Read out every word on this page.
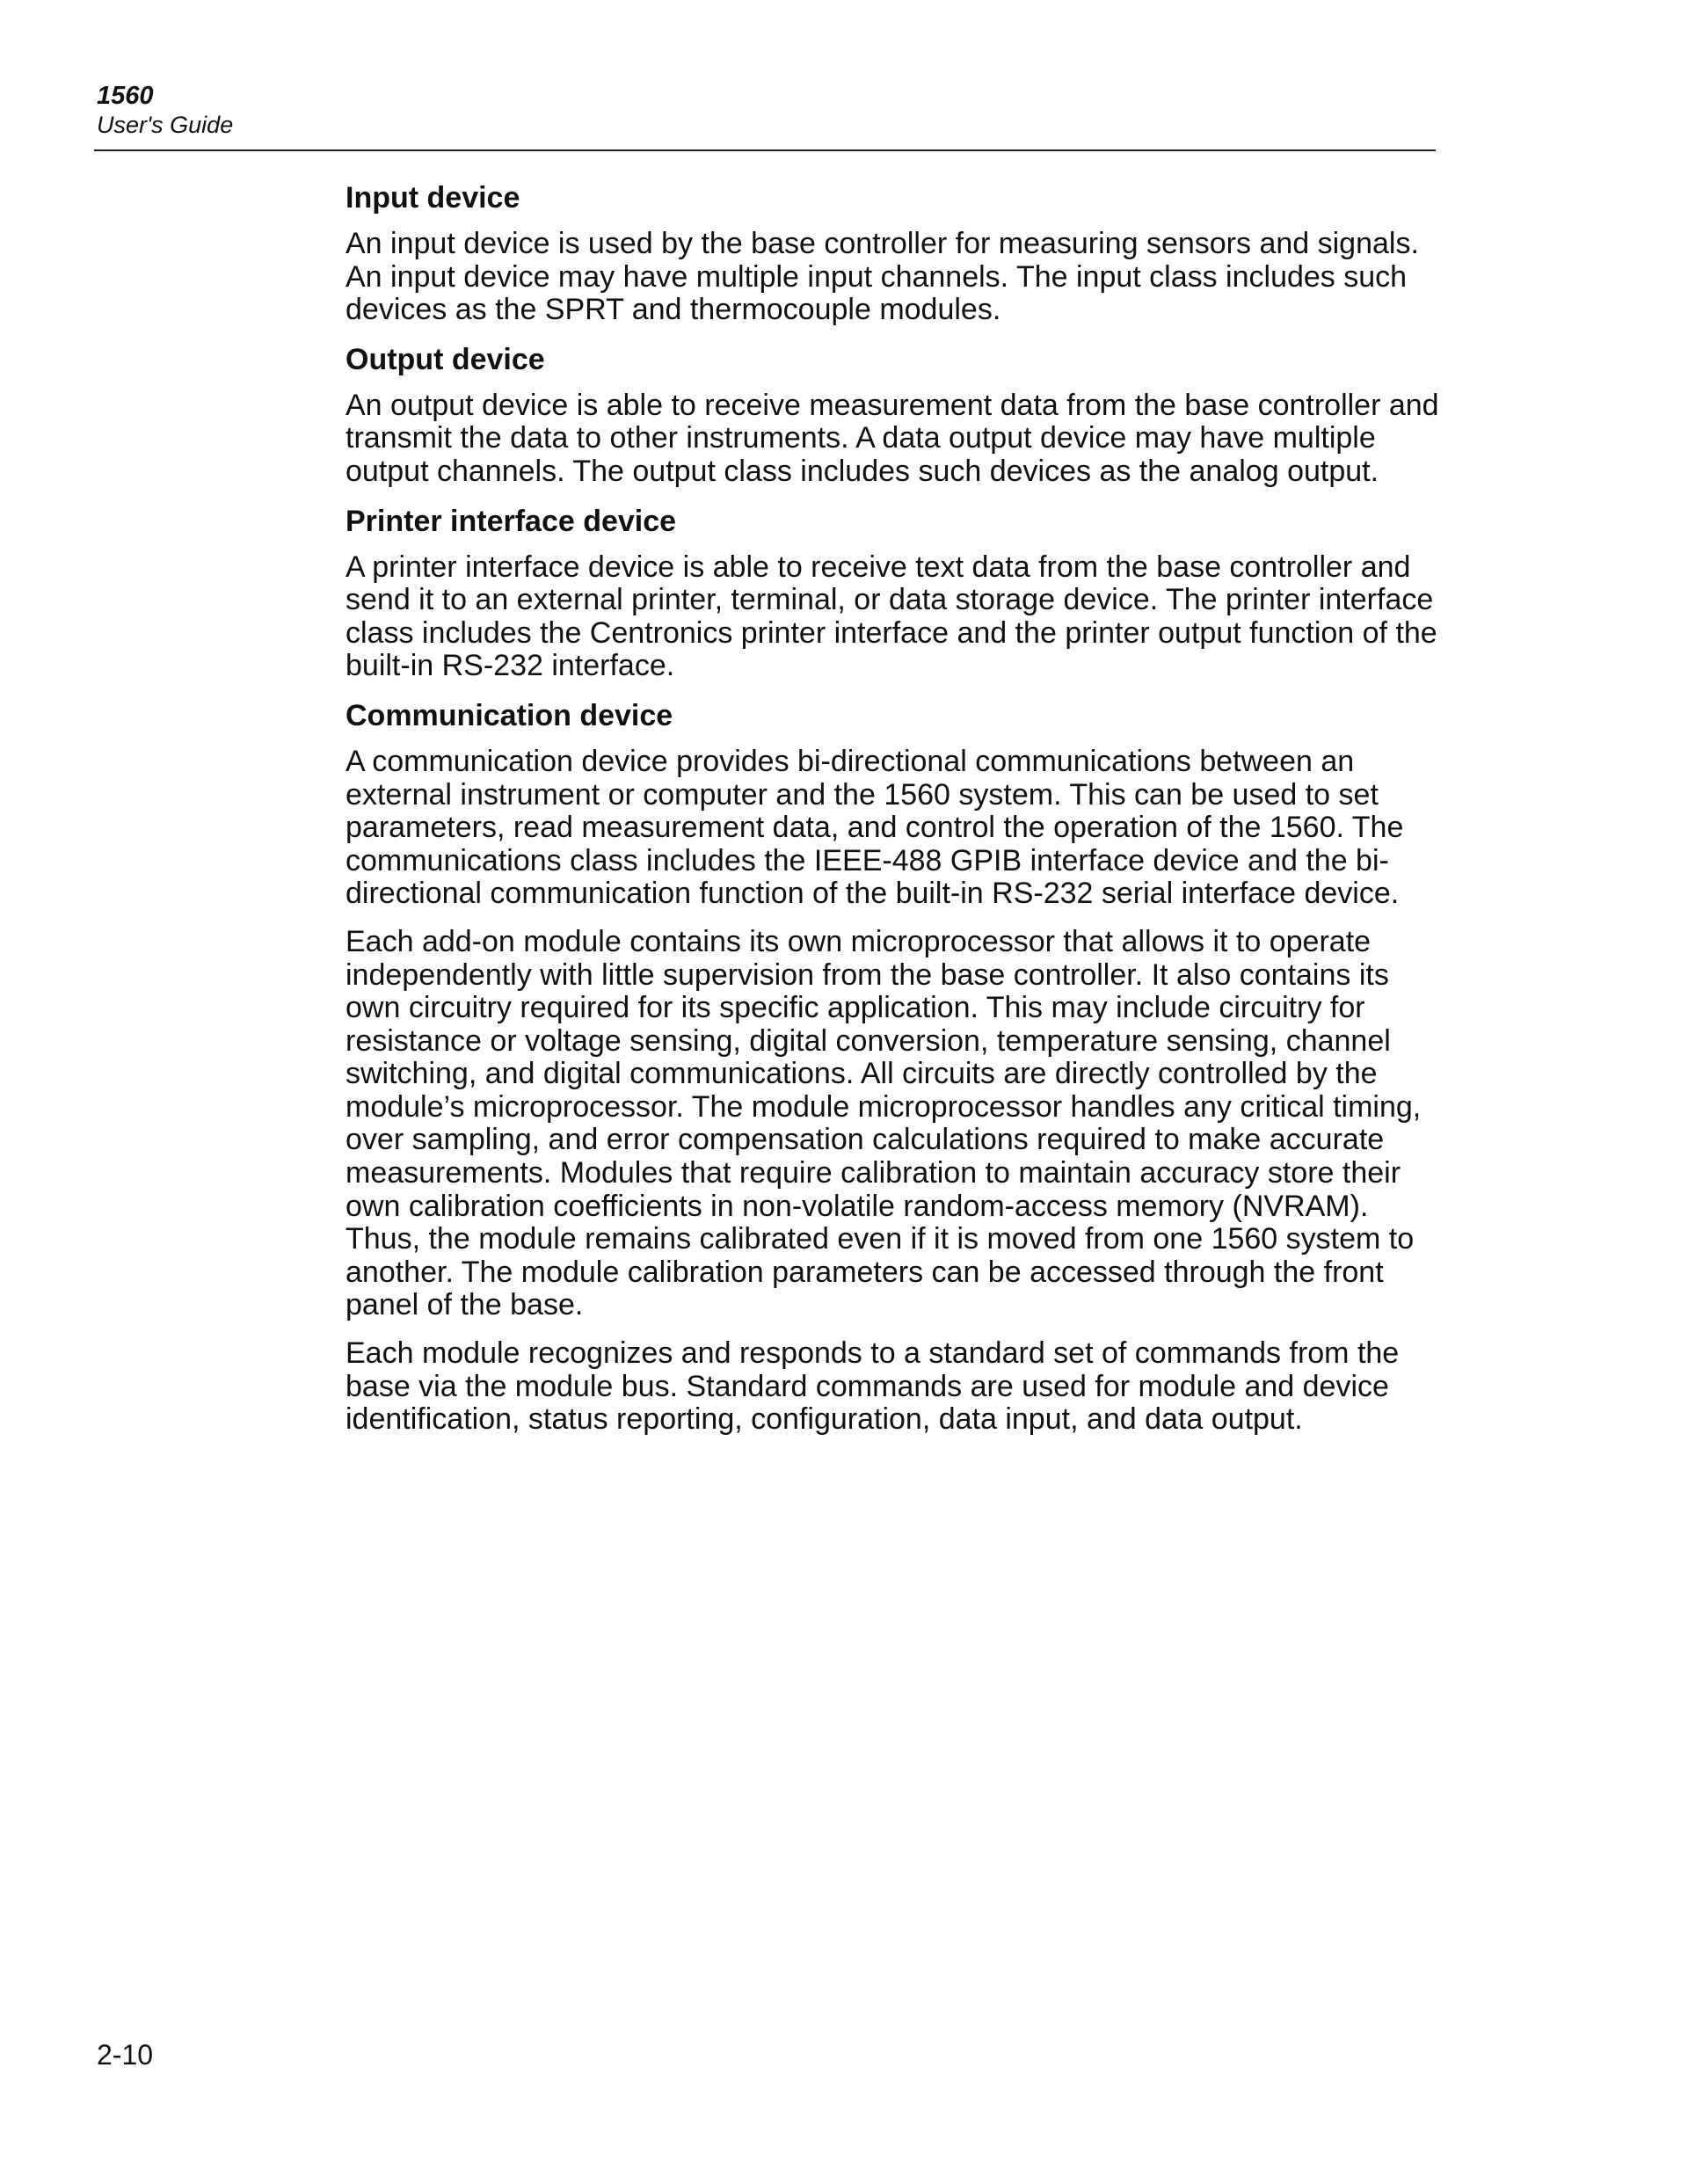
1560

User's Guide

Input device

An input device is used by the base controller for measuring sensors and signals. An input device may have multiple input channels. The input class includes such devices as the SPRT and thermocouple modules.

Output device

An output device is able to receive measurement data from the base controller and transmit the data to other instruments. A data output device may have multiple output channels. The output class includes such devices as the analog output.

Printer interface device

A printer interface device is able to receive text data from the base controller and send it to an external printer, terminal, or data storage device. The printer interface class includes the Centronics printer interface and the printer output function of the built-in RS-232 interface.

Communication device

A communication device provides bi-directional communications between an external instrument or computer and the 1560 system. This can be used to set parameters, read measurement data, and control the operation of the 1560. The communications class includes the IEEE-488 GPIB interface device and the bi-directional communication function of the built-in RS-232 serial interface device.

Each add-on module contains its own microprocessor that allows it to operate independently with little supervision from the base controller. It also contains its own circuitry required for its specific application. This may include circuitry for resistance or voltage sensing, digital conversion, temperature sensing, channel switching, and digital communications. All circuits are directly controlled by the module’s microprocessor. The module microprocessor handles any critical timing, over sampling, and error compensation calculations required to make accurate measurements. Modules that require calibration to maintain accuracy store their own calibration coefficients in non-volatile random-access memory (NVRAM). Thus, the module remains calibrated even if it is moved from one 1560 system to another. The module calibration parameters can be accessed through the front panel of the base.

Each module recognizes and responds to a standard set of commands from the base via the module bus. Standard commands are used for module and device identification, status reporting, configuration, data input, and data output.

2-10
